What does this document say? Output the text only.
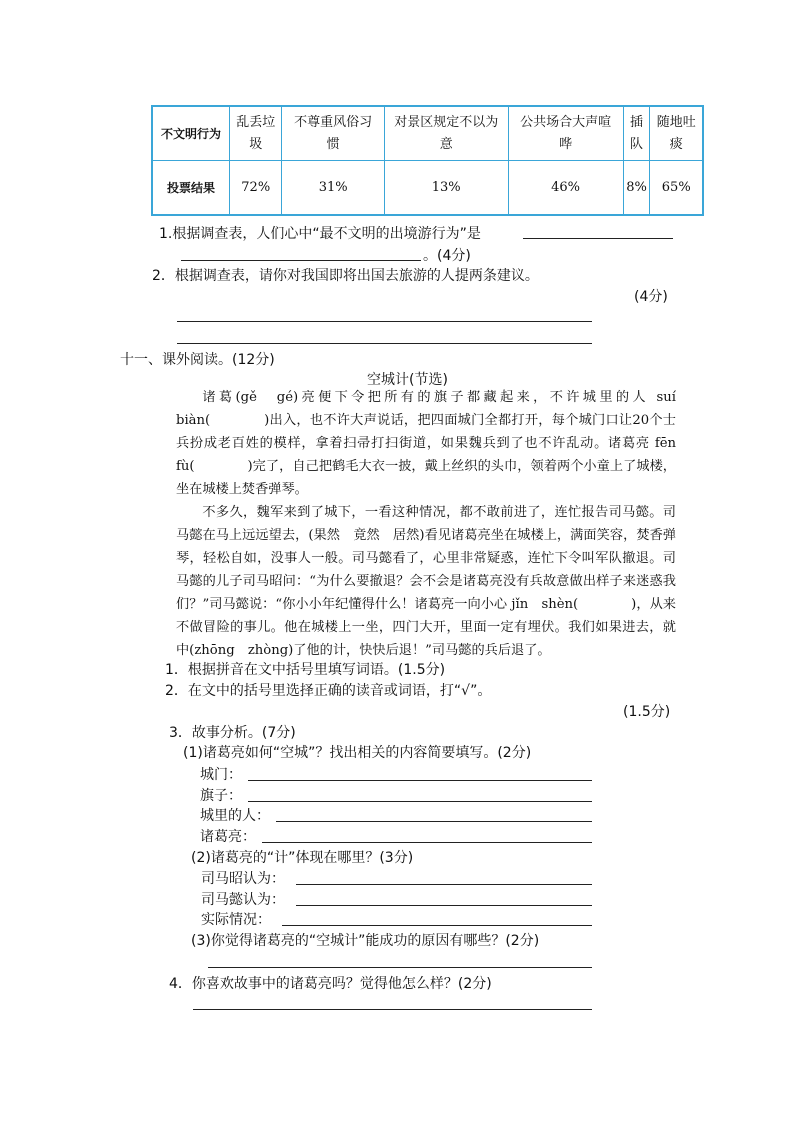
不文明行为	乱丢垃圾	不尊重风俗习惯	对景区规定不以为意	公共场合大声喧哗	插队	随地吐痰
投票结果	72%	31%	13%	46%	8%	65%
1.根据调查表，人们心中“最不文明的出境游行为”是
。(4分)
2．根据调查表，请你对我国即将出国去旅游的人提两条建议。
(4分)
十一、课外阅读。(12分)
空城计(节选)

诸葛(gě　gé)亮便下令把所有的旗子都藏起来，不许城里的人 suí biàn(　　　　)出入，也不许大声说话，把四面城门全都打开，每个城门口让20个士兵扮成老百姓的模样，拿着扫帚打扫街道，如果魏兵到了也不许乱动。诸葛亮 fēn　fù(　　　　)完了，自己把鹤毛大衣一披，戴上丝织的头巾，领着两个小童上了城楼，坐在城楼上焚香弹琴。

不多久，魏军来到了城下，一看这种情况，都不敢前进了，连忙报告司马懿。司马懿在马上远远望去，(果然　竟然　居然)看见诸葛亮坐在城楼上，满面笑容，焚香弹琴，轻松自如，没事人一般。司马懿看了，心里非常疑惑，连忙下令叫军队撤退。司马懿的儿子司马昭问：“为什么要撤退？会不会是诸葛亮没有兵故意做出样子来迷惑我们？”司马懿说：“你小小年纪懂得什么！诸葛亮一向小心 jǐn　shèn(　　　　)，从来不做冒险的事儿。他在城楼上一坐，四门大开，里面一定有埋伏。我们如果进去，就中(zhōng　zhòng)了他的计，快快后退！”司马懿的兵后退了。

1．根据拼音在文中括号里填写词语。(1.5分)
2．在文中的括号里选择正确的读音或词语，打“√”。
(1.5分)
3．故事分析。(7分)
(1)诸葛亮如何“空城”？找出相关的内容简要填写。(2分)
城门：
旗子：
城里的人：
诸葛亮：
(2)诸葛亮的“计”体现在哪里？(3分)
司马昭认为：
司马懿认为：
实际情况：
(3)你觉得诸葛亮的“空城计”能成功的原因有哪些？(2分)
4．你喜欢故事中的诸葛亮吗？觉得他怎么样？(2分)
